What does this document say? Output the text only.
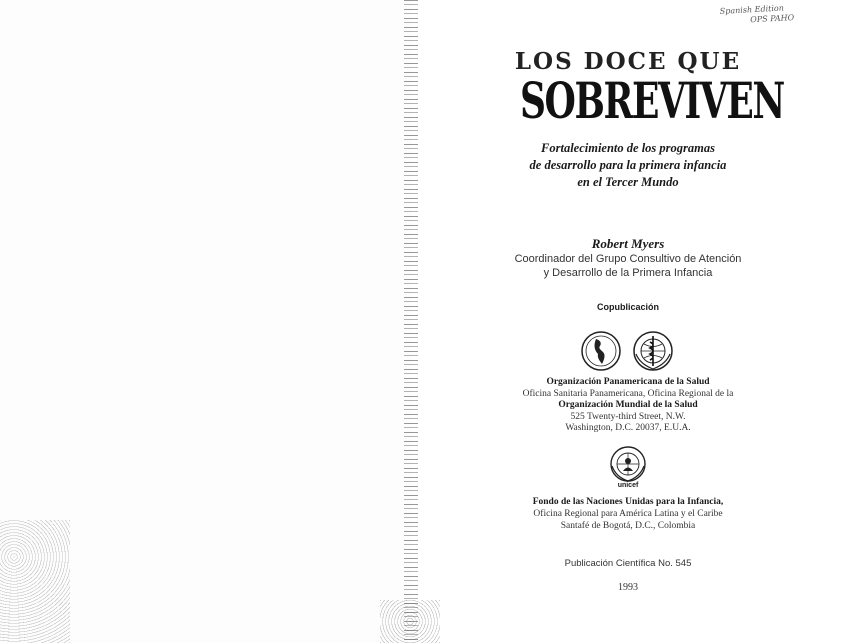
Spanish Edition
OPS PAHO
LOS DOCE QUE
SOBREVIVEN
Fortalecimiento de los programas
de desarrollo para la primera infancia
en el Tercer Mundo
Robert Myers
Coordinador del Grupo Consultivo de Atención
y Desarrollo de la Primera Infancia
Copublicación
Organización Panamericana de la Salud
Oficina Sanitaria Panamericana, Oficina Regional de la
Organización Mundial de la Salud
525 Twenty-third Street, N.W.
Washington, D.C. 20037, E.U.A.
unicef
Fondo de las Naciones Unidas para la Infancia,
Oficina Regional para América Latina y el Caribe
Santafé de Bogotá, D.C., Colombia
Publicación Científica No. 545
1993
